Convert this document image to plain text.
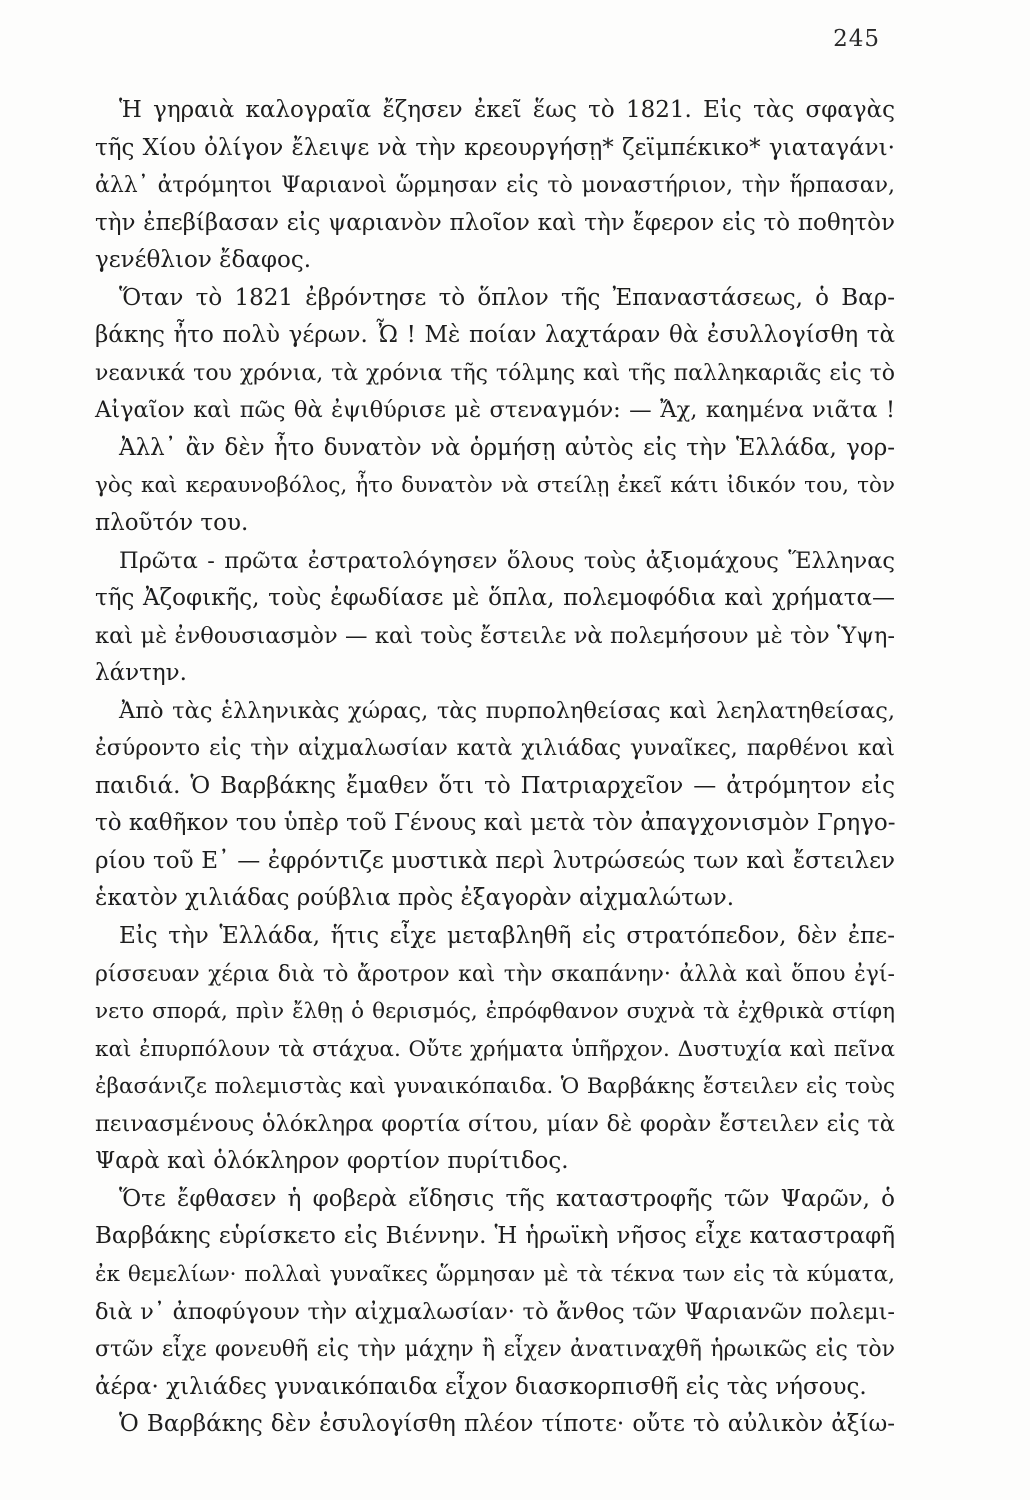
245
Ἡ γηραιὰ καλογραῖα ἔζησεν ἐκεῖ ἕως τὸ 1821. Εἰς τὰς σφαγὰς
τῆς Χίου ὀλίγον ἔλειψε νὰ τὴν κρεουργήσῃ* ζεϊμπέκικο* γιαταγάνι·
ἀλλ᾽ ἀτρόμητοι Ψαριανοὶ ὥρμησαν εἰς τὸ μοναστήριον, τὴν ἥρπασαν,
τὴν ἐπεβίβασαν εἰς ψαριανὸν πλοῖον καὶ τὴν ἔφερον εἰς τὸ ποθητὸν
γενέθλιον ἔδαφος.
Ὅταν τὸ 1821 ἐβρόντησε τὸ ὅπλον τῆς Ἐπαναστάσεως, ὁ Βαρ-
βάκης ἦτο πολὺ γέρων. Ὦ ! Μὲ ποίαν λαχτάραν θὰ ἐσυλλογίσθη τὰ
νεανικά του χρόνια, τὰ χρόνια τῆς τόλμης καὶ τῆς παλληκαριᾶς εἰς τὸ
Αἰγαῖον καὶ πῶς θὰ ἐψιθύρισε μὲ στεναγμόν: — Ἄχ, καημένα νιᾶτα !
Ἀλλ᾽ ἂν δὲν ἦτο δυνατὸν νὰ ὁρμήσῃ αὐτὸς εἰς τὴν Ἑλλάδα, γορ-
γὸς καὶ κεραυνοβόλος, ἦτο δυνατὸν νὰ στείλῃ ἐκεῖ κάτι ἰδικόν του, τὸν
πλοῦτόν του.
Πρῶτα - πρῶτα ἐστρατολόγησεν ὅλους τοὺς ἀξιομάχους Ἕλληνας
τῆς Ἀζοφικῆς, τοὺς ἐφωδίασε μὲ ὅπλα, πολεμοφόδια καὶ χρήματα—
καὶ μὲ ἐνθουσιασμὸν — καὶ τοὺς ἔστειλε νὰ πολεμήσουν μὲ τὸν Ὑψη-
λάντην.
Ἀπὸ τὰς ἑλληνικὰς χώρας, τὰς πυρποληθείσας καὶ λεηλατηθείσας,
ἐσύροντο εἰς τὴν αἰχμαλωσίαν κατὰ χιλιάδας γυναῖκες, παρθένοι καὶ
παιδιά. Ὁ Βαρβάκης ἔμαθεν ὅτι τὸ Πατριαρχεῖον — ἀτρόμητον εἰς
τὸ καθῆκον του ὑπὲρ τοῦ Γένους καὶ μετὰ τὸν ἀπαγχονισμὸν Γρηγο-
ρίου τοῦ Ε᾽ — ἐφρόντιζε μυστικὰ περὶ λυτρώσεώς των καὶ ἔστειλεν
ἑκατὸν χιλιάδας ρούβλια πρὸς ἐξαγορὰν αἰχμαλώτων.
Εἰς τὴν Ἑλλάδα, ἥτις εἶχε μεταβληθῆ εἰς στρατόπεδον, δὲν ἐπε-
ρίσσευαν χέρια διὰ τὸ ἄροτρον καὶ τὴν σκαπάνην· ἀλλὰ καὶ ὅπου ἐγί-
νετο σπορά, πρὶν ἔλθῃ ὁ θερισμός, ἐπρόφθανον συχνὰ τὰ ἐχθρικὰ στίφη
καὶ ἐπυρπόλουν τὰ στάχυα. Οὔτε χρήματα ὑπῆρχον. Δυστυχία καὶ πεῖνα
ἐβασάνιζε πολεμιστὰς καὶ γυναικόπαιδα. Ὁ Βαρβάκης ἔστειλεν εἰς τοὺς
πεινασμένους ὁλόκληρα φορτία σίτου, μίαν δὲ φορὰν ἔστειλεν εἰς τὰ
Ψαρὰ καὶ ὁλόκληρον φορτίον πυρίτιδος.
Ὅτε ἔφθασεν ἡ φοβερὰ εἴδησις τῆς καταστροφῆς τῶν Ψαρῶν, ὁ
Βαρβάκης εὑρίσκετο εἰς Βιέννην. Ἡ ἡρωϊκὴ νῆσος εἶχε καταστραφῆ
ἐκ θεμελίων· πολλαὶ γυναῖκες ὥρμησαν μὲ τὰ τέκνα των εἰς τὰ κύματα,
διὰ ν᾽ ἀποφύγουν τὴν αἰχμαλωσίαν· τὸ ἄνθος τῶν Ψαριανῶν πολεμι-
στῶν εἶχε φονευθῆ εἰς τὴν μάχην ἢ εἶχεν ἀνατιναχθῆ ἡρωικῶς εἰς τὸν
ἀέρα· χιλιάδες γυναικόπαιδα εἶχον διασκορπισθῆ εἰς τὰς νήσους.
Ὁ Βαρβάκης δὲν ἐσυλογίσθη πλέον τίποτε· οὔτε τὸ αὐλικὸν ἀξίω-
